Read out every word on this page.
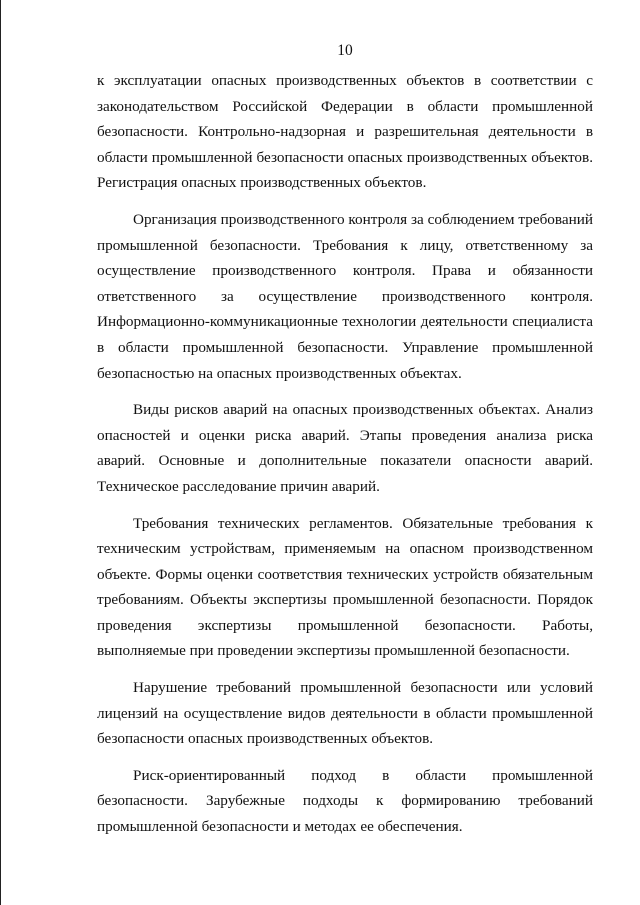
10

к эксплуатации опасных производственных объектов в соответствии с законодательством Российской Федерации в области промышленной безопасности. Контрольно-надзорная и разрешительная деятельности в области промышленной безопасности опасных производственных объектов. Регистрация опасных производственных объектов.

Организация производственного контроля за соблюдением требований промышленной безопасности. Требования к лицу, ответственному за осуществление производственного контроля. Права и обязанности ответственного за осуществление производственного контроля. Информационно-коммуникационные технологии деятельности специалиста в области промышленной безопасности. Управление промышленной безопасностью на опасных производственных объектах.

Виды рисков аварий на опасных производственных объектах. Анализ опасностей и оценки риска аварий. Этапы проведения анализа риска аварий. Основные и дополнительные показатели опасности аварий. Техническое расследование причин аварий.

Требования технических регламентов. Обязательные требования к техническим устройствам, применяемым на опасном производственном объекте. Формы оценки соответствия технических устройств обязательным требованиям. Объекты экспертизы промышленной безопасности. Порядок проведения экспертизы промышленной безопасности. Работы, выполняемые при проведении экспертизы промышленной безопасности.

Нарушение требований промышленной безопасности или условий лицензий на осуществление видов деятельности в области промышленной безопасности опасных производственных объектов.

Риск-ориентированный подход в области промышленной безопасности. Зарубежные подходы к формированию требований промышленной безопасности и методах ее обеспечения.
